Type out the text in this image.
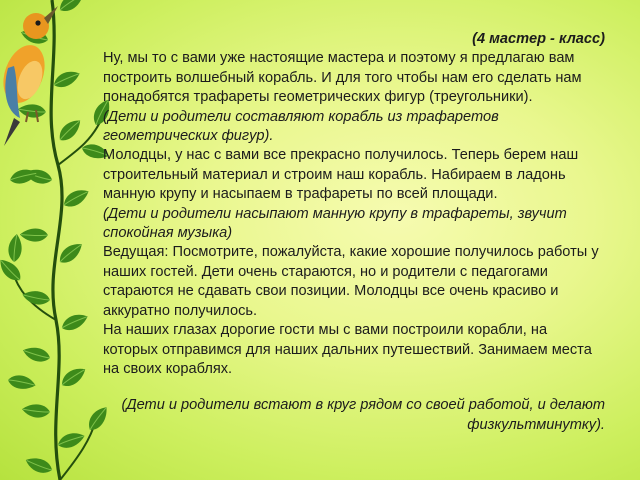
(4 мастер - класс)

Ну, мы то с вами уже настоящие мастера и поэтому я предлагаю вам построить волшебный корабль. И для того чтобы нам его сделать нам понадобятся трафареты геометрических фигур (треугольники).

(Дети и родители составляют корабль из трафаретов геометрических фигур).

Молодцы, у нас с вами все прекрасно получилось. Теперь берем наш строительный материал и строим наш корабль. Набираем в ладонь манную крупу и насыпаем в трафареты по всей площади.

(Дети и родители насыпают манную крупу в трафареты, звучит спокойная музыка)

Ведущая: Посмотрите, пожалуйста, какие хорошие получилось работы у наших гостей. Дети очень стараются, но и родители с педагогами стараются не сдавать свои позиции. Молодцы все очень красиво и аккуратно получилось.

На наших глазах дорогие гости мы с вами построили корабли, на которых отправимся для наших дальних путешествий. Занимаем места на своих кораблях.

(Дети и родители встают в круг рядом со своей работой, и делают физкультминутку).
